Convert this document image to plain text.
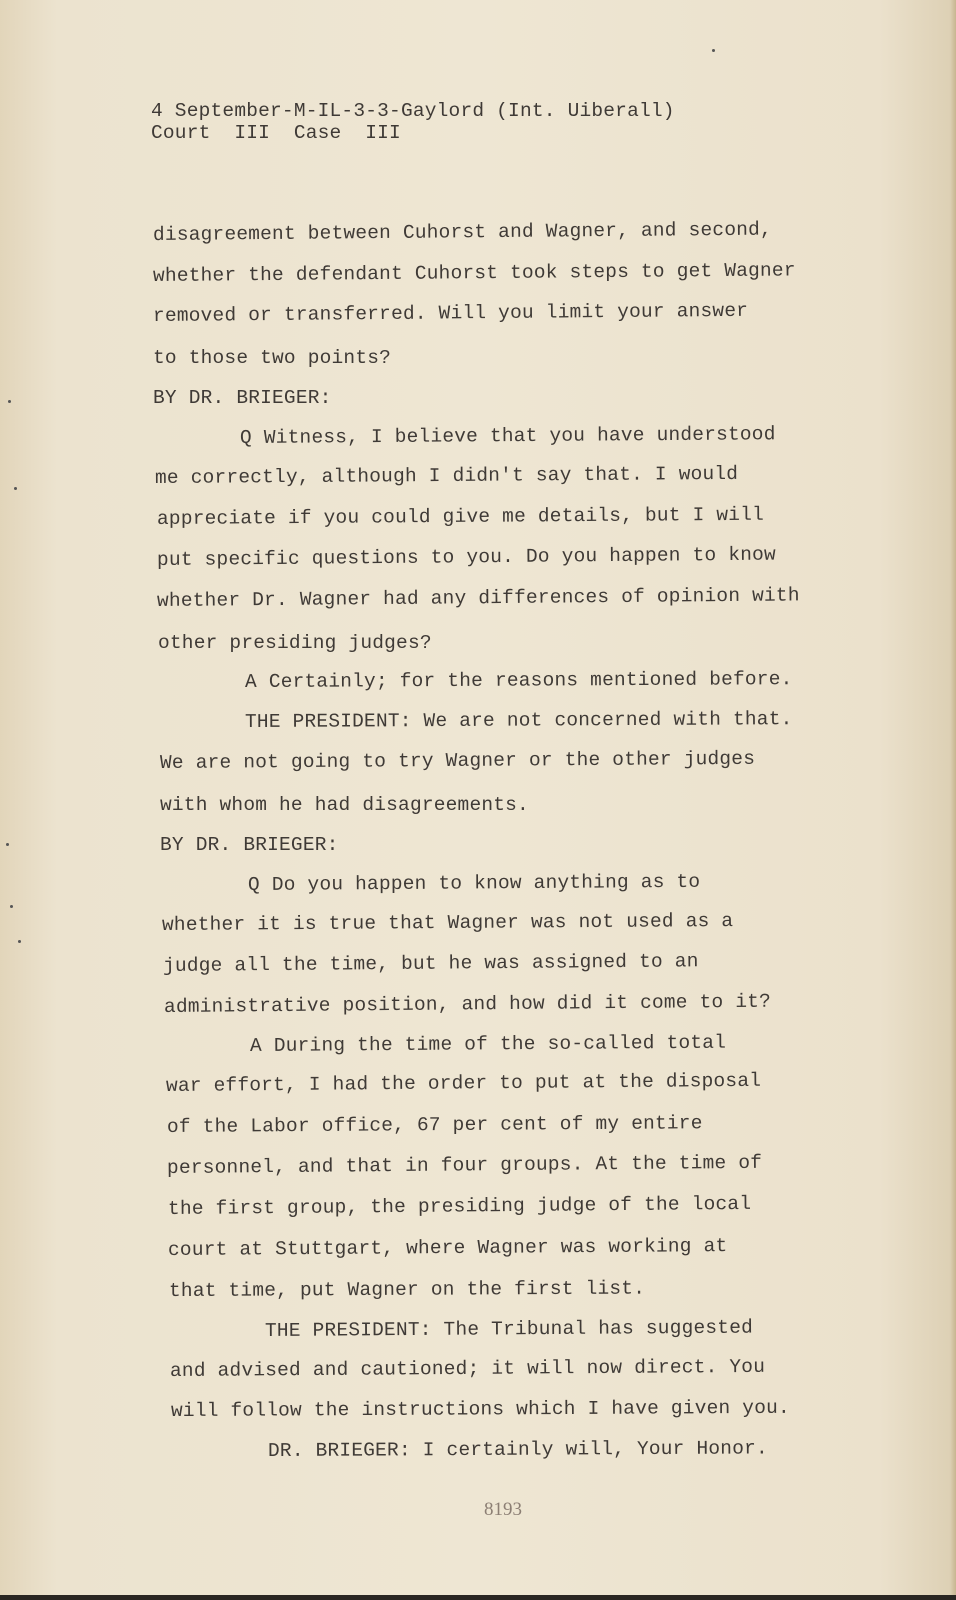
4 September-M-IL-3-3-Gaylord (Int. Uiberall)
Court  III  Case  III

disagreement between Cuhorst and Wagner, and second,

whether the defendant Cuhorst took steps to get Wagner

removed or transferred. Will you limit your answer

to those two points?

BY DR. BRIEGER:

Q Witness, I believe that you have understood

me correctly, although I didn't say that. I would

appreciate if you could give me details, but I will

put specific questions to you. Do you happen to know

whether Dr. Wagner had any differences of opinion with

other presiding judges?

A Certainly; for the reasons mentioned before.

THE PRESIDENT: We are not concerned with that.

We are not going to try Wagner or the other judges

with whom he had disagreements.

BY DR. BRIEGER:

Q Do you happen to know anything as to

whether it is true that Wagner was not used as a

judge all the time, but he was assigned to an

administrative position, and how did it come to it?

A During the time of the so-called total

war effort, I had the order to put at the disposal

of the Labor office, 67 per cent of my entire

personnel, and that in four groups. At the time of

the first group, the presiding judge of the local

court at Stuttgart, where Wagner was working at

that time, put Wagner on the first list.

THE PRESIDENT: The Tribunal has suggested

and advised and cautioned; it will now direct. You

will follow the instructions which I have given you.

DR. BRIEGER: I certainly will, Your Honor.

8193
